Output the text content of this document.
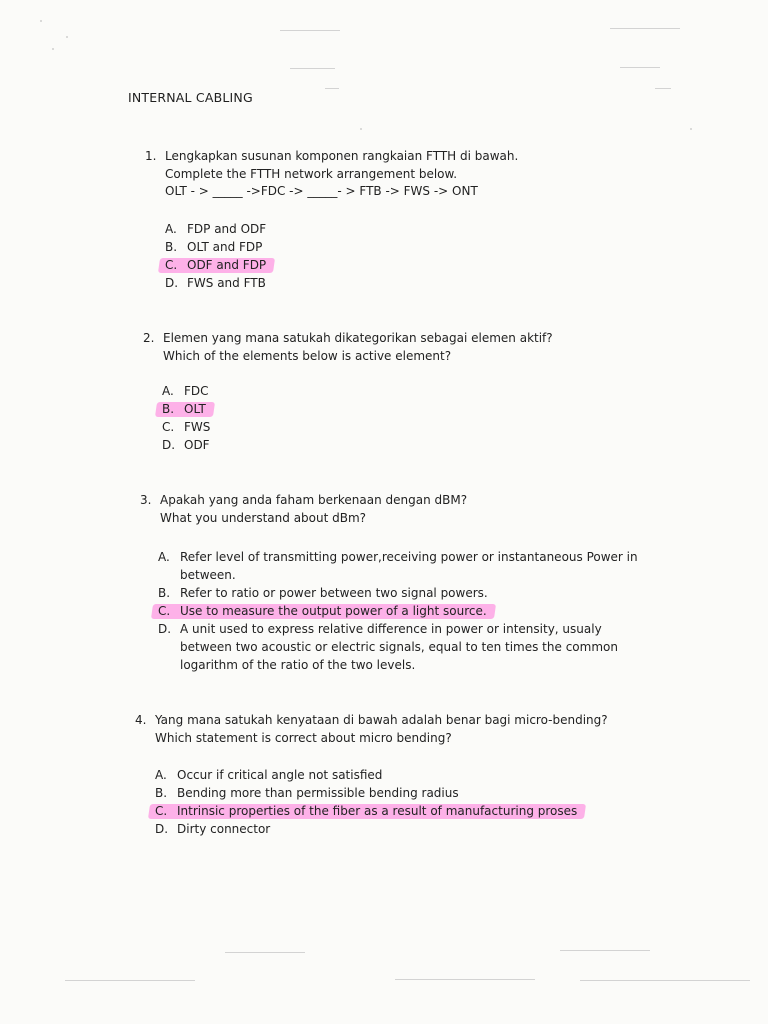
INTERNAL CABLING
1. Lengkapkan susunan komponen rangkaian FTTH di bawah.
Complete the FTTH network arrangement below.
OLT - > _____ ->FDC -> _____- > FTB -> FWS -> ONT
A. FDP and ODF
B. OLT and FDP
C. ODF and FDP
D. FWS and FTB
2. Elemen yang mana satukah dikategorikan sebagai elemen aktif?
Which of the elements below is active element?
A. FDC
B. OLT
C. FWS
D. ODF
3. Apakah yang anda faham berkenaan dengan dBM?
What you understand about dBm?
A. Refer level of transmitting power,receiving power or instantaneous Power in between.
B. Refer to ratio or power between two signal powers.
C. Use to measure the output power of a light source.
D. A unit used to express relative difference in power or intensity, usualy between two acoustic or electric signals, equal to ten times the common logarithm of the ratio of the two levels.
4. Yang mana satukah kenyataan di bawah adalah benar bagi micro-bending?
Which statement is correct about micro bending?
A. Occur if critical angle not satisfied
B. Bending more than permissible bending radius
C. Intrinsic properties of the fiber as a result of manufacturing proses
D. Dirty connector
